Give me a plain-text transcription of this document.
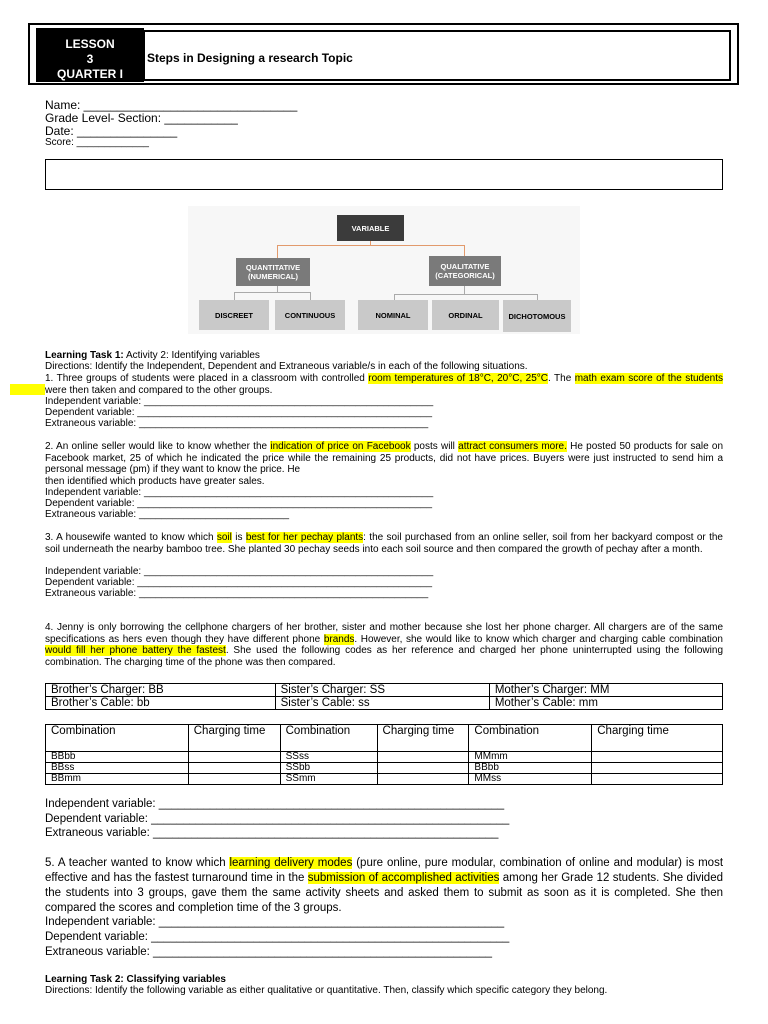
LESSON
3
QUARTER I
Steps in Designing a research Topic
Name: ________________________________
Grade Level- Section: ___________
Date: _______________
Score: _____________
VARIABLE
QUANTITATIVE
(NUMERICAL)
QUALITATIVE
(CATEGORICAL)
DISCREET	CONTINUOUS	NOMINAL	ORDINAL	DICHOTOMOUS
Learning Task 1: Activity 2: Identifying variables
Directions: Identify the Independent, Dependent and Extraneous variable/s in each of the following situations.
1. Three groups of students were placed in a classroom with controlled room temperatures of 18°C, 20°C, 25°C. The math exam score of the students were then taken and compared to the other groups.
Independent variable: ____________________________________________________
Dependent variable: _____________________________________________________
Extraneous variable: ____________________________________________________
2. An online seller would like to know whether the indication of price on Facebook posts will attract consumers more. He posted 50 products for sale on Facebook market, 25 of which he indicated the price while the remaining 25 products, did not have prices. Buyers were just instructed to send him a personal message (pm) if they want to know the price. He
then identified which products have greater sales.
Independent variable: ____________________________________________________
Dependent variable: _____________________________________________________
Extraneous variable: ___________________________
3. A housewife wanted to know which soil is best for her pechay plants: the soil purchased from an online seller, soil from her backyard compost or the soil underneath the nearby bamboo tree. She planted 30 pechay seeds into each soil source and then compared the growth of pechay after a month.
Independent variable: ____________________________________________________
Dependent variable: _____________________________________________________
Extraneous variable: ____________________________________________________
4. Jenny is only borrowing the cellphone chargers of her brother, sister and mother because she lost her phone charger. All chargers are of the same specifications as hers even though they have different phone brands. However, she would like to know which charger and charging cable combination would fill her phone battery the fastest. She used the following codes as her reference and charged her phone uninterrupted using the following combination. The charging time of the phone was then compared.
Brother’s Charger: BB	Sister’s Charger: SS	Mother’s Charger: MM
Brother’s Cable: bb	Sister’s Cable: ss	Mother’s Cable: mm
Combination	Charging time	Combination	Charging time	Combination	Charging time
BBbb		SSss		MMmm	
BBss		SSbb		BBbb	
BBmm		SSmm		MMss	
Independent variable: ______________________________________________________
Dependent variable: ________________________________________________________
Extraneous variable: ______________________________________________________
5. A teacher wanted to know which learning delivery modes (pure online, pure modular, combination of online and modular) is most effective and has the fastest turnaround time in the submission of accomplished activities among her Grade 12 students. She divided the students into 3 groups, gave them the same activity sheets and asked them to submit as soon as it is completed. She then compared the scores and completion time of the 3 groups.
Independent variable: ______________________________________________________
Dependent variable: ________________________________________________________
Extraneous variable: _____________________________________________________
Learning Task 2: Classifying variables
Directions: Identify the following variable as either qualitative or quantitative. Then, classify which specific category they belong.
